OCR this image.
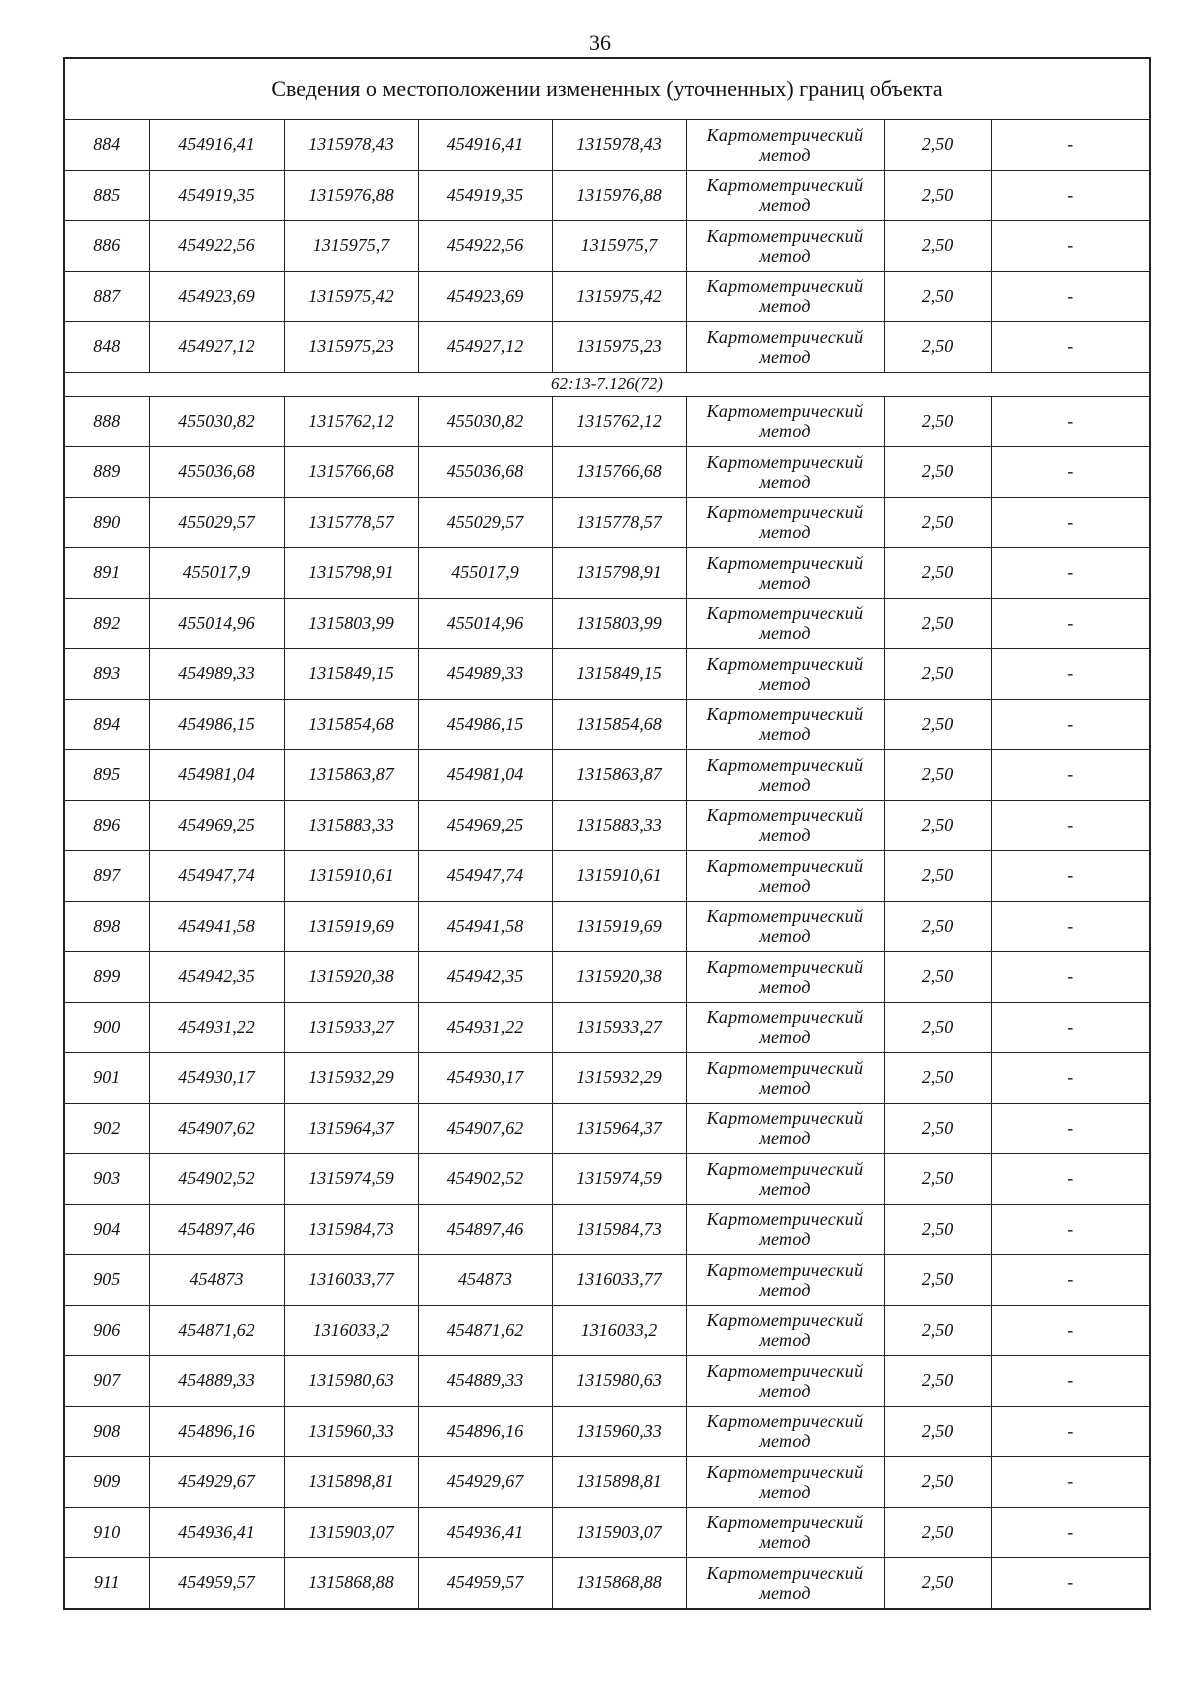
36
Сведения о местоположении измененных (уточненных) границ объекта							
884	454916,41	1315978,43	454916,41	1315978,43	Картометрический
метод	2,50	-
885	454919,35	1315976,88	454919,35	1315976,88	Картометрический
метод	2,50	-
886	454922,56	1315975,7	454922,56	1315975,7	Картометрический
метод	2,50	-
887	454923,69	1315975,42	454923,69	1315975,42	Картометрический
метод	2,50	-
848	454927,12	1315975,23	454927,12	1315975,23	Картометрический
метод	2,50	-
62:13-7.126(72)							
888	455030,82	1315762,12	455030,82	1315762,12	Картометрический
метод	2,50	-
889	455036,68	1315766,68	455036,68	1315766,68	Картометрический
метод	2,50	-
890	455029,57	1315778,57	455029,57	1315778,57	Картометрический
метод	2,50	-
891	455017,9	1315798,91	455017,9	1315798,91	Картометрический
метод	2,50	-
892	455014,96	1315803,99	455014,96	1315803,99	Картометрический
метод	2,50	-
893	454989,33	1315849,15	454989,33	1315849,15	Картометрический
метод	2,50	-
894	454986,15	1315854,68	454986,15	1315854,68	Картометрический
метод	2,50	-
895	454981,04	1315863,87	454981,04	1315863,87	Картометрический
метод	2,50	-
896	454969,25	1315883,33	454969,25	1315883,33	Картометрический
метод	2,50	-
897	454947,74	1315910,61	454947,74	1315910,61	Картометрический
метод	2,50	-
898	454941,58	1315919,69	454941,58	1315919,69	Картометрический
метод	2,50	-
899	454942,35	1315920,38	454942,35	1315920,38	Картометрический
метод	2,50	-
900	454931,22	1315933,27	454931,22	1315933,27	Картометрический
метод	2,50	-
901	454930,17	1315932,29	454930,17	1315932,29	Картометрический
метод	2,50	-
902	454907,62	1315964,37	454907,62	1315964,37	Картометрический
метод	2,50	-
903	454902,52	1315974,59	454902,52	1315974,59	Картометрический
метод	2,50	-
904	454897,46	1315984,73	454897,46	1315984,73	Картометрический
метод	2,50	-
905	454873	1316033,77	454873	1316033,77	Картометрический
метод	2,50	-
906	454871,62	1316033,2	454871,62	1316033,2	Картометрический
метод	2,50	-
907	454889,33	1315980,63	454889,33	1315980,63	Картометрический
метод	2,50	-
908	454896,16	1315960,33	454896,16	1315960,33	Картометрический
метод	2,50	-
909	454929,67	1315898,81	454929,67	1315898,81	Картометрический
метод	2,50	-
910	454936,41	1315903,07	454936,41	1315903,07	Картометрический
метод	2,50	-
911	454959,57	1315868,88	454959,57	1315868,88	Картометрический
метод	2,50	-
